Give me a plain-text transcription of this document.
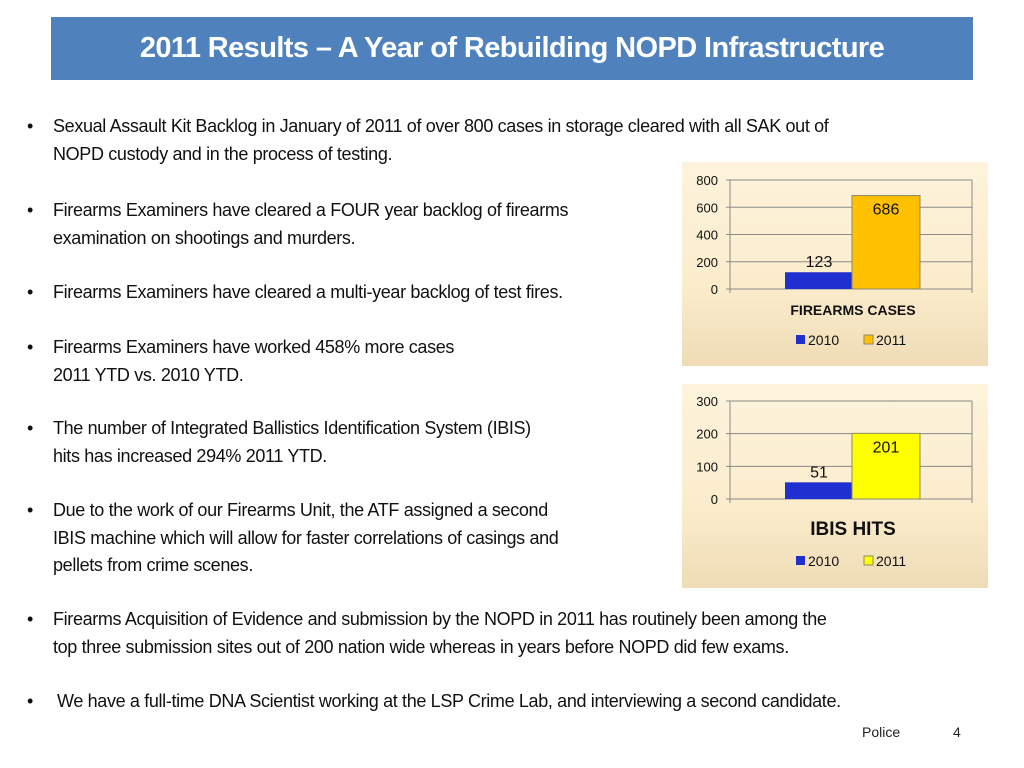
2011 Results – A Year of Rebuilding NOPD Infrastructure
• Sexual Assault Kit Backlog in January of 2011 of over 800 cases in storage cleared with all SAK out of
NOPD custody and in the process of testing.
• Firearms Examiners have cleared a FOUR year backlog of firearms
examination on shootings and murders.
• Firearms Examiners have cleared a multi-year backlog of test fires.
• Firearms Examiners have worked 458% more cases
2011 YTD vs. 2010 YTD.
• The number of Integrated Ballistics Identification System (IBIS)
hits has increased 294% 2011 YTD.
• Due to the work of our Firearms Unit, the ATF assigned a second
IBIS machine which will allow for faster correlations of casings and
pellets from crime scenes.
• Firearms Acquisition of Evidence and submission by the NOPD in 2011 has routinely been among the
top three submission sites out of 200 nation wide whereas in years before NOPD did few exams.
• We have a full-time DNA Scientist working at the LSP Crime Lab, and interviewing a second candidate.
0
200
400
600
800
123
686
FIREARMS CASES
2010	2011
0
100
200
300
51
201
IBIS HITS
2010	2011
Police	4
